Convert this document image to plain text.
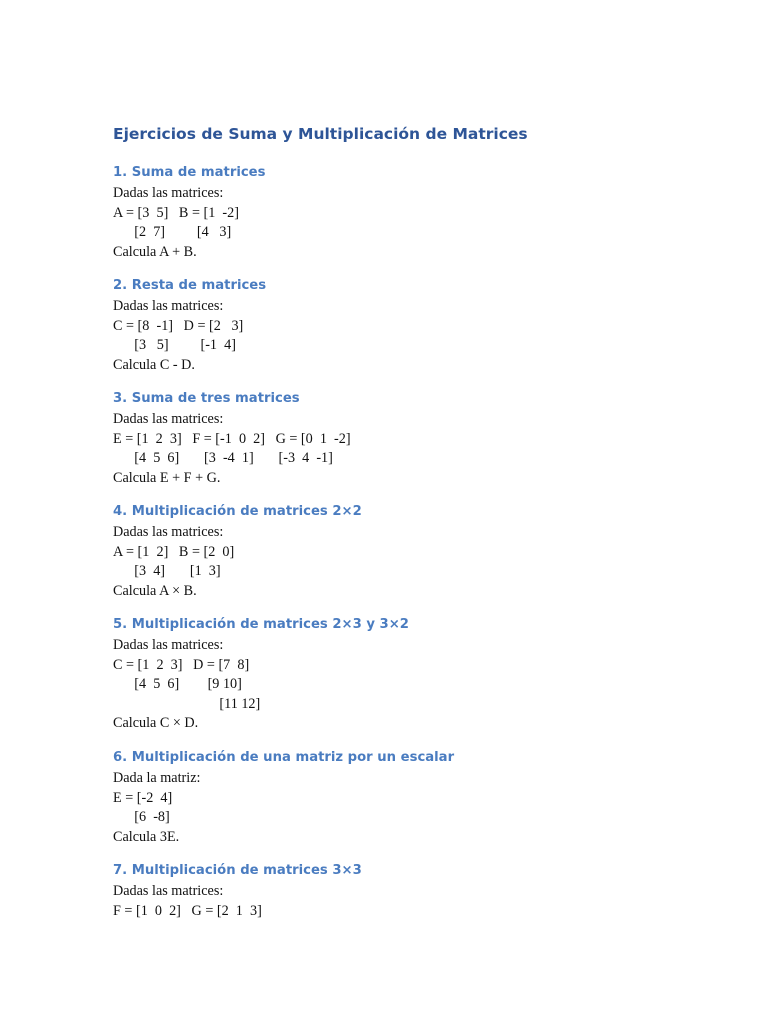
Ejercicios de Suma y Multiplicación de Matrices
1. Suma de matrices
Dadas las matrices:
A = [3  5]   B = [1  -2]
[2  7]         [4   3]
Calcula A + B.
2. Resta de matrices
Dadas las matrices:
C = [8  -1]   D = [2   3]
[3   5]         [-1  4]
Calcula C - D.
3. Suma de tres matrices
Dadas las matrices:
E = [1  2  3]   F = [-1  0  2]   G = [0  1  -2]
[4  5  6]       [3  -4  1]       [-3  4  -1]
Calcula E + F + G.
4. Multiplicación de matrices 2×2
Dadas las matrices:
A = [1  2]   B = [2  0]
[3  4]       [1  3]
Calcula A × B.
5. Multiplicación de matrices 2×3 y 3×2
Dadas las matrices:
C = [1  2  3]   D = [7  8]
[4  5  6]        [9 10]
[11 12]
Calcula C × D.
6. Multiplicación de una matriz por un escalar
Dada la matriz:
E = [-2  4]
[6  -8]
Calcula 3E.
7. Multiplicación de matrices 3×3
Dadas las matrices:
F = [1  0  2]   G = [2  1  3]
